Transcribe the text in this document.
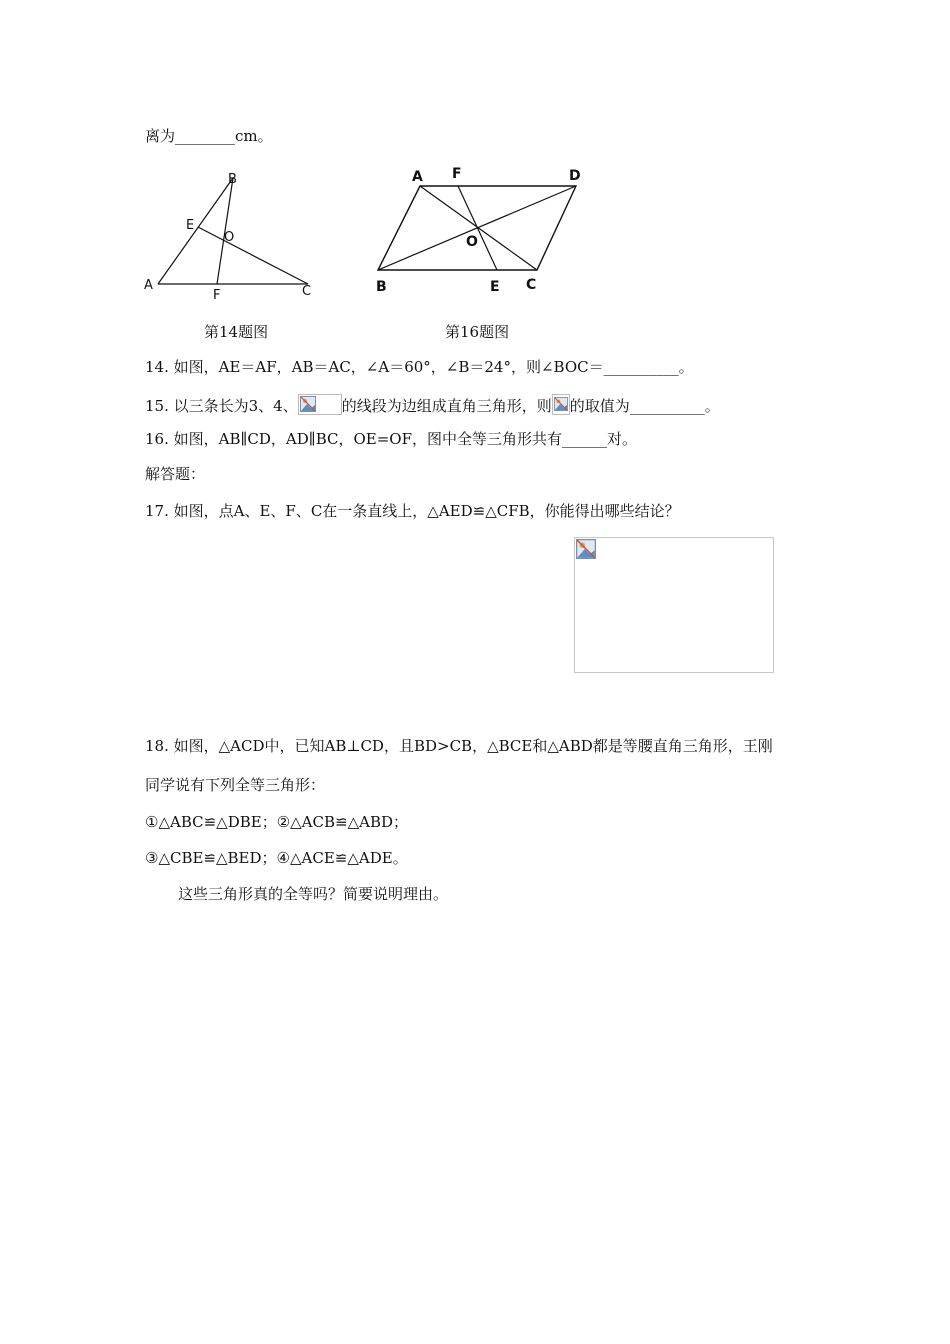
离为________cm。
B
E
O
A
F	C
第14题图
A F	D
O
B	E C
第16题图
14. 如图，AE＝AF，AB＝AC，∠A＝60°，∠B＝24°，则∠BOC＝__________。
15. 以三条长为3、4、	的线段为边组成直角三角形，则 的取值为__________。
16. 如图，AB∥CD，AD∥BC，OE=OF，图中全等三角形共有______对。
解答题：
17. 如图，点A、E、F、C在一条直线上，△AED≌△CFB，你能得出哪些结论？
18. 如图，△ACD中，已知AB⊥CD，且BD>CB，△BCE和△ABD都是等腰直角三角形，王刚
同学说有下列全等三角形：
①△ABC≌△DBE；②△ACB≌△ABD；
③△CBE≌△BED；④△ACE≌△ADE。
这些三角形真的全等吗？简要说明理由。
